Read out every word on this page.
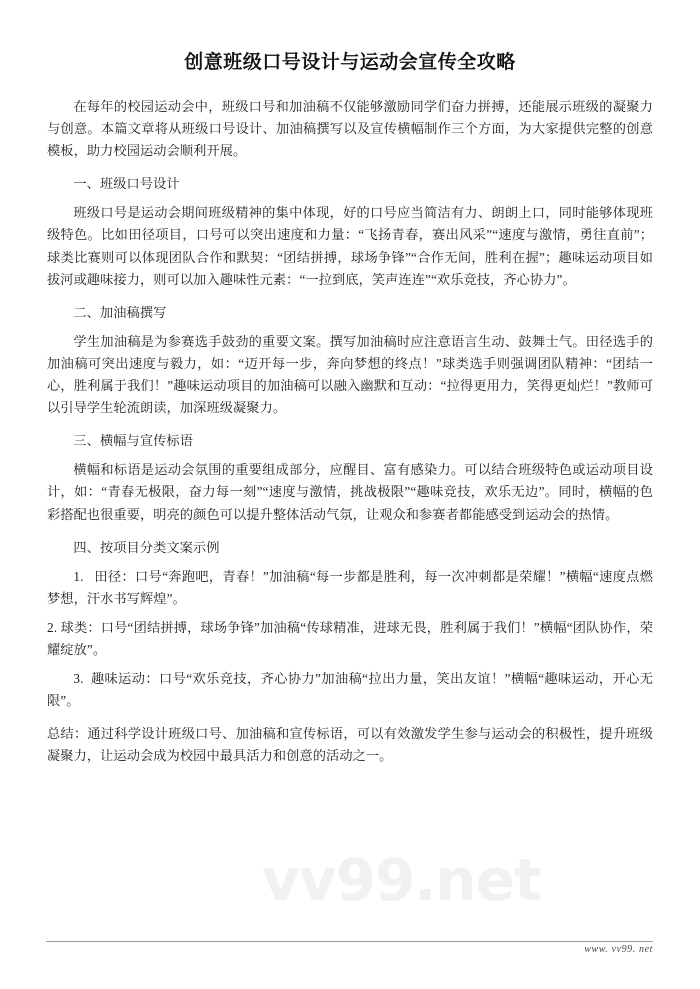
创意班级口号设计与运动会宣传全攻略

在每年的校园运动会中，班级口号和加油稿不仅能够激励同学们奋力拼搏，还能展示班级的凝聚力与创意。本篇文章将从班级口号设计、加油稿撰写以及宣传横幅制作三个方面，为大家提供完整的创意模板，助力校园运动会顺利开展。

一、班级口号设计

班级口号是运动会期间班级精神的集中体现，好的口号应当简洁有力、朗朗上口，同时能够体现班级特色。比如田径项目，口号可以突出速度和力量：“飞扬青春，赛出风采”“速度与激情，勇往直前”；球类比赛则可以体现团队合作和默契：“团结拼搏，球场争锋”“合作无间，胜利在握”；趣味运动项目如拔河或趣味接力，则可以加入趣味性元素：“一拉到底，笑声连连”“欢乐竞技，齐心协力”。

二、加油稿撰写

学生加油稿是为参赛选手鼓劲的重要文案。撰写加油稿时应注意语言生动、鼓舞士气。田径选手的加油稿可突出速度与毅力，如：“迈开每一步，奔向梦想的终点！”球类选手则强调团队精神：“团结一心，胜利属于我们！”趣味运动项目的加油稿可以融入幽默和互动：“拉得更用力，笑得更灿烂！”教师可以引导学生轮流朗读，加深班级凝聚力。

三、横幅与宣传标语

横幅和标语是运动会氛围的重要组成部分，应醒目、富有感染力。可以结合班级特色或运动项目设计，如：“青春无极限，奋力每一刻”“速度与激情，挑战极限”“趣味竞技，欢乐无边”。同时，横幅的色彩搭配也很重要，明亮的颜色可以提升整体活动气氛，让观众和参赛者都能感受到运动会的热情。

四、按项目分类文案示例

1. 田径：口号“奔跑吧，青春！”加油稿“每一步都是胜利，每一次冲刺都是荣耀！”横幅“速度点燃梦想，汗水书写辉煌”。

2. 球类：口号“团结拼搏，球场争锋”加油稿“传球精准，进球无畏，胜利属于我们！”横幅“团队协作，荣耀绽放”。

3. 趣味运动：口号“欢乐竞技，齐心协力”加油稿“拉出力量，笑出友谊！”横幅“趣味运动，开心无限”。

总结：通过科学设计班级口号、加油稿和宣传标语，可以有效激发学生参与运动会的积极性，提升班级凝聚力，让运动会成为校园中最具活力和创意的活动之一。

vv99.net
www. vv99. net
